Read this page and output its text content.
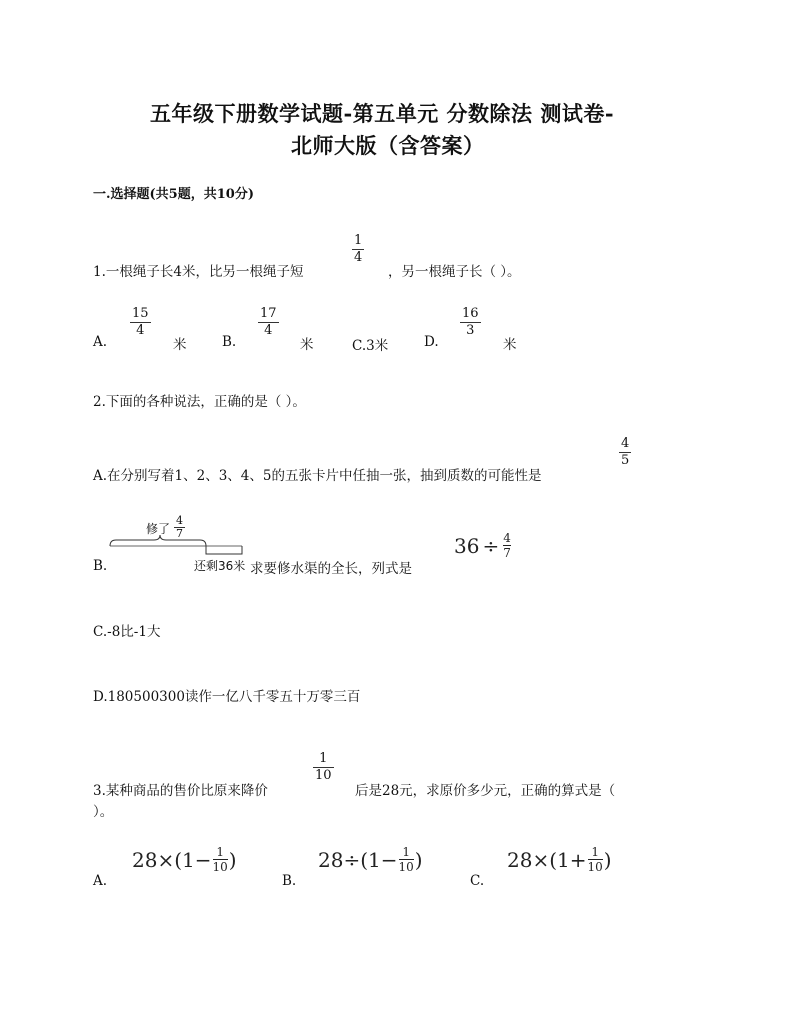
五年级下册数学试题-第五单元 分数除法 测试卷-
北师大版（含答案）
一.选择题(共5题，共10分)
1.一根绳子长4米，比另一根绳子短
1
4
，另一根绳子长（ ）。
A.
15
4
米	B.
17
4
米	C.3米	D.
16
3
米
2.下面的各种说法，正确的是（ ）。
A.在分别写着1、2、3、4、5的五张卡片中任抽一张，抽到质数的可能性是
4
5
B.
修了
4
7
还剩36米 求要修水渠的全长，列式是
36 ÷ 4
7
C.-8比-1大
D.180500300读作一亿八千零五十万零三百
3.某种商品的售价比原来降价
1
10
后是28元，求原价多少元，正确的算式是（
）。
A.
28×(1− 1
10 )
B.
28÷(1− 1
10 )
C.
28×(1+ 1
10 )
